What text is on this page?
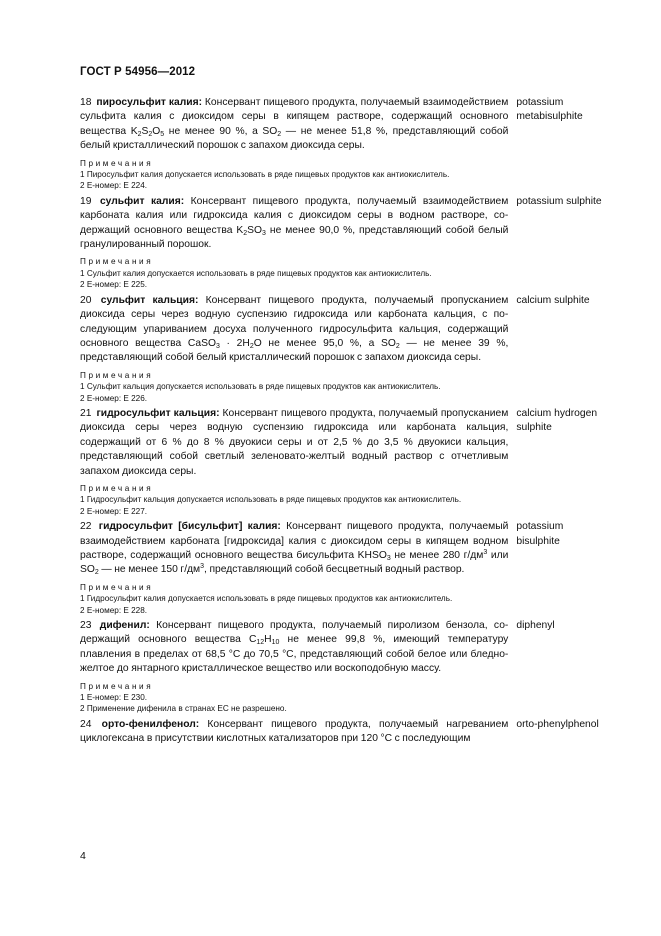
ГОСТ Р 54956—2012
18 пиросульфит калия: Консервант пищевого продукта, получаемый взаимодействием сульфита калия с диоксидом серы в кипящем растворе, содержащий основного вещества $K_2S_2O_5$ не менее 90 %, а $SO_2$ — не менее 51,8 %, представляющий собой белый кристаллический порошок с запахом диоксида серы.
potassium
metabisulphite
Примечания
1 Пиросульфит калия допускается использовать в ряде пищевых продуктов как антиокислитель.
2 E-номер: E 224.
19 сульфит калия: Консервант пищевого продукта, получаемый взаимодействием карбоната калия или гидроксида калия с диоксидом серы в водном растворе, содержащий основного вещества $K_2SO_3$ не менее 90,0 %, представляющий собой белый гранулированный порошок.
potassium sulphite
Примечания
1 Сульфит калия допускается использовать в ряде пищевых продуктов как антиокислитель.
2 E-номер: E 225.
20 сульфит кальция: Консервант пищевого продукта, получаемый пропусканием диоксида серы через водную суспензию гидроксида или карбоната кальция, с последующим упариванием досуха полученного гидросульфита кальция, содержащий основного вещества CaSO$_3$ · $2H_2O$ не менее 95,0 %, а $SO_2$ — не менее 39 %, представляющий собой белый кристаллический порошок с запахом диоксида серы.
calcium sulphite
Примечания
1 Сульфит кальция допускается использовать в ряде пищевых продуктов как антиокислитель.
2 E-номер: E 226.
21 гидросульфит кальция: Консервант пищевого продукта, получаемый пропусканием диоксида серы через водную суспензию гидроксида или карбоната кальция, содержащий от 6 % до 8 % двуокиси серы и от 2,5 % до 3,5 % двуокиси кальция, представляющий собой светлый зеленовато-желтый водный раствор с отчетливым запахом диоксида серы.
calcium hydrogen
sulphite
Примечания
1 Гидросульфит кальция допускается использовать в ряде пищевых продуктов как антиокислитель.
2 E-номер: E 227.
22 гидросульфит [бисульфит] калия: Консервант пищевого продукта, получаемый взаимодействием карбоната [гидроксида] калия с диоксидом серы в кипящем водном растворе, содержащий основного вещества бисульфита $KHSO_3$ не менее 280 $г/дм^3$ или $SO_2$ — не менее 150 $г/дм^3$, представляющий собой бесцветный водный раствор.
potassium
bisulphite
Примечания
1 Гидросульфит калия допускается использовать в ряде пищевых продуктов как антиокислитель.
2 E-номер: E 228.
23 дифенил: Консервант пищевого продукта, получаемый пиролизом бензола, содержащий основного вещества $C_{12}H_{10}$ не менее 99,8 %, имеющий температуру плавления в пределах от 68,5 °С до 70,5 °С, представляющий собой белое или бледно-желтое до янтарного кристаллическое вещество или воскоподобную массу.
diphenyl
Примечания
1 E-номер: E 230.
2 Применение дифенила в странах ЕС не разрешено.
24 орто-фенилфенол: Консервант пищевого продукта, получаемый нагреванием циклогексана в присутствии кислотных катализаторов при 120 °С с последующим
orto-phenylphenol
4
